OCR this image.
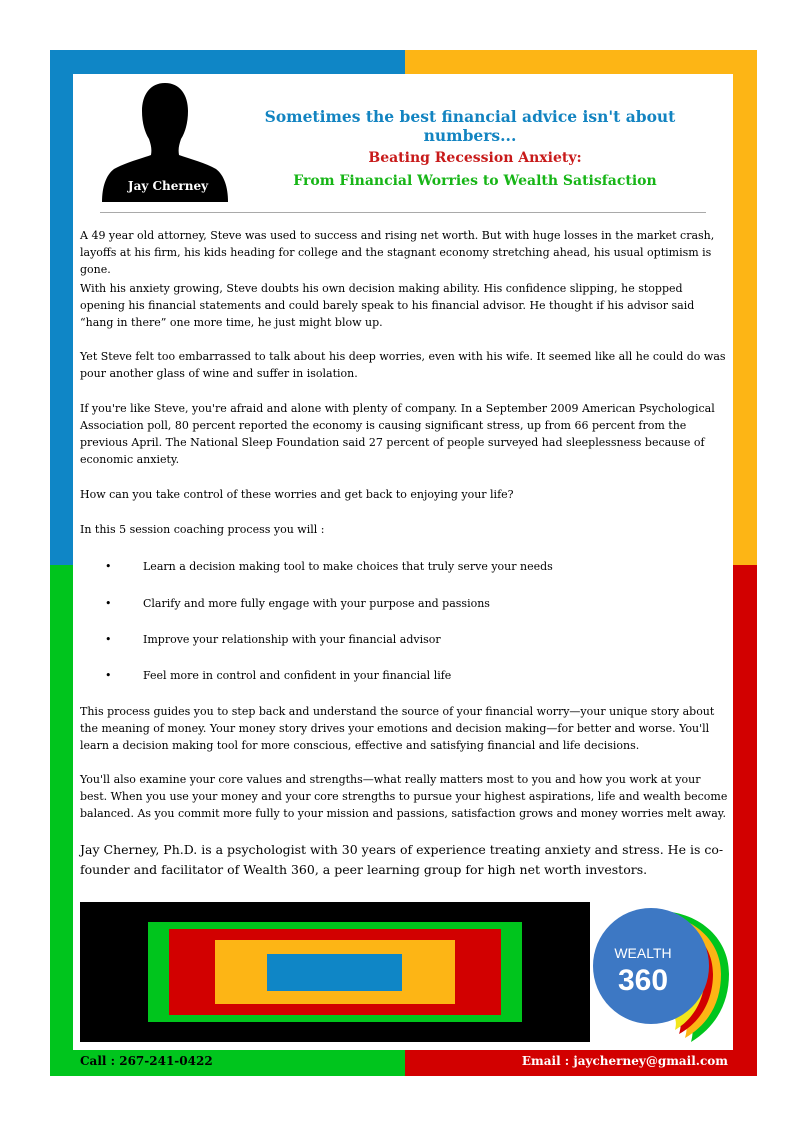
Jay Cherney
Sometimes the best financial advice isn't about numbers...
Beating Recession Anxiety:
From Financial Worries to Wealth Satisfaction

A 49 year old attorney, Steve was used to success and rising net worth. But with huge losses in the market crash, layoffs at his firm, his kids heading for college and the stagnant economy stretching ahead, his usual optimism is gone.

With his anxiety growing, Steve doubts his own decision making ability. His confidence slipping, he stopped opening his financial statements and could barely speak to his financial advisor. He thought if his advisor said “hang in there” one more time, he just might blow up.

Yet Steve felt too embarrassed to talk about his deep worries, even with his wife. It seemed like all he could do was pour another glass of wine and suffer in isolation.

If you're like Steve, you're afraid and alone with plenty of company. In a September 2009 American Psychological Association poll, 80 percent reported the economy is causing significant stress, up from 66 percent from the previous April. The National Sleep Foundation said 27 percent of people surveyed had sleeplessness because of economic anxiety.

How can you take control of these worries and get back to enjoying your life?

In this 5 session coaching process you will :

•	Learn a decision making tool to make choices that truly serve your needs
•	Clarify and more fully engage with your purpose and passions
•	Improve your relationship with your financial advisor
•	Feel more in control and confident in your financial life

This process guides you to step back and understand the source of your financial worry—your unique story about the meaning of money. Your money story drives your emotions and decision making—for better and worse. You'll learn a decision making tool for more conscious, effective and satisfying financial and life decisions.

You'll also examine your core values and strengths—what really matters most to you and how you work at your best. When you use your money and your core strengths to pursue your highest aspirations, life and wealth become balanced. As you commit more fully to your mission and passions, satisfaction grows and money worries melt away.

Jay Cherney, Ph.D. is a psychologist with 30 years of experience treating anxiety and stress. He is co-founder and facilitator of Wealth 360, a peer learning group for high net worth investors.

WEALTH
360
Call : 267-241-0422	Email : jaycherney@gmail.com
